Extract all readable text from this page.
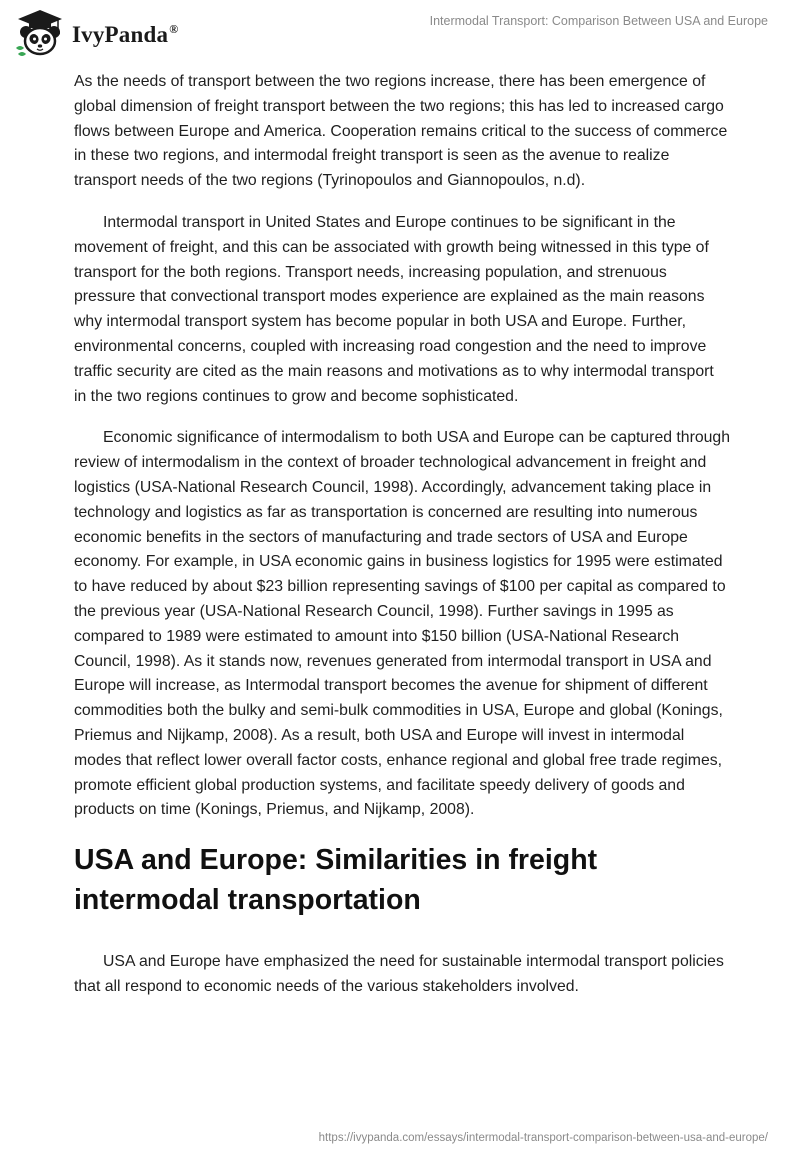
IvyPanda®
Intermodal Transport: Comparison Between USA and Europe

As the needs of transport between the two regions increase, there has been emergence of global dimension of freight transport between the two regions; this has led to increased cargo flows between Europe and America. Cooperation remains critical to the success of commerce in these two regions, and intermodal freight transport is seen as the avenue to realize transport needs of the two regions (Tyrinopoulos and Giannopoulos, n.d).

Intermodal transport in United States and Europe continues to be significant in the movement of freight, and this can be associated with growth being witnessed in this type of transport for the both regions. Transport needs, increasing population, and strenuous pressure that convectional transport modes experience are explained as the main reasons why intermodal transport system has become popular in both USA and Europe. Further, environmental concerns, coupled with increasing road congestion and the need to improve traffic security are cited as the main reasons and motivations as to why intermodal transport in the two regions continues to grow and become sophisticated.

Economic significance of intermodalism to both USA and Europe can be captured through review of intermodalism in the context of broader technological advancement in freight and logistics (USA-National Research Council, 1998). Accordingly, advancement taking place in technology and logistics as far as transportation is concerned are resulting into numerous economic benefits in the sectors of manufacturing and trade sectors of USA and Europe economy. For example, in USA economic gains in business logistics for 1995 were estimated to have reduced by about $23 billion representing savings of $100 per capital as compared to the previous year (USA-National Research Council, 1998). Further savings in 1995 as compared to 1989 were estimated to amount into $150 billion (USA-National Research Council, 1998). As it stands now, revenues generated from intermodal transport in USA and Europe will increase, as Intermodal transport becomes the avenue for shipment of different commodities both the bulky and semi-bulk commodities in USA, Europe and global (Konings, Priemus and Nijkamp, 2008). As a result, both USA and Europe will invest in intermodal modes that reflect lower overall factor costs, enhance regional and global free trade regimes, promote efficient global production systems, and facilitate speedy delivery of goods and products on time (Konings, Priemus, and Nijkamp, 2008).

USA and Europe: Similarities in freight intermodal transportation

USA and Europe have emphasized the need for sustainable intermodal transport policies that all respond to economic needs of the various stakeholders involved.

https://ivypanda.com/essays/intermodal-transport-comparison-between-usa-and-europe/
